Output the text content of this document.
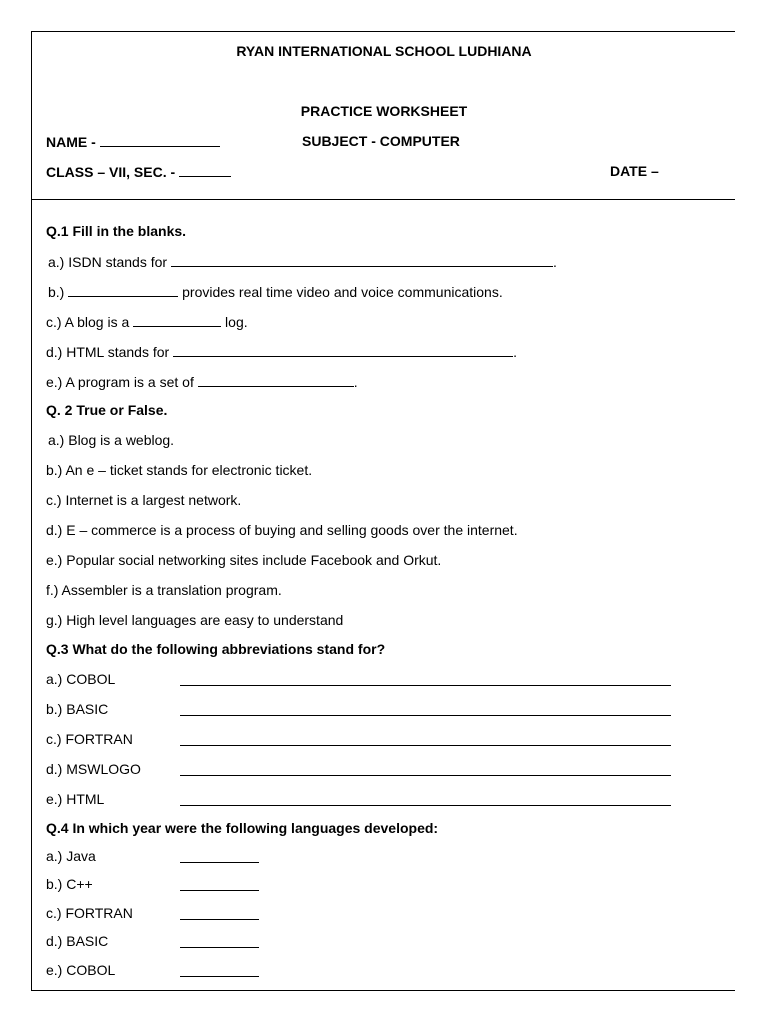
RYAN INTERNATIONAL SCHOOL LUDHIANA
PRACTICE WORKSHEET
NAME -	SUBJECT - COMPUTER
CLASS – VII, SEC. -	DATE –
Q.1 Fill in the blanks.
a.) ISDN stands for	.
b.)	provides real time video and voice communications.
c.) A blog is a	log.
d.) HTML stands for	.
e.) A program is a set of	.
Q. 2 True or False.
a.) Blog is a weblog.
b.) An e – ticket stands for electronic ticket.
c.) Internet is a largest network.
d.) E – commerce is a process of buying and selling goods over the internet.
e.) Popular social networking sites include Facebook and Orkut.
f.) Assembler is a translation program.
g.) High level languages are easy to understand
Q.3 What do the following abbreviations stand for?
a.) COBOL
b.) BASIC
c.) FORTRAN
d.) MSWLOGO
e.) HTML
Q.4 In which year were the following languages developed:
a.) Java
b.) C++
c.) FORTRAN
d.) BASIC
e.) COBOL
